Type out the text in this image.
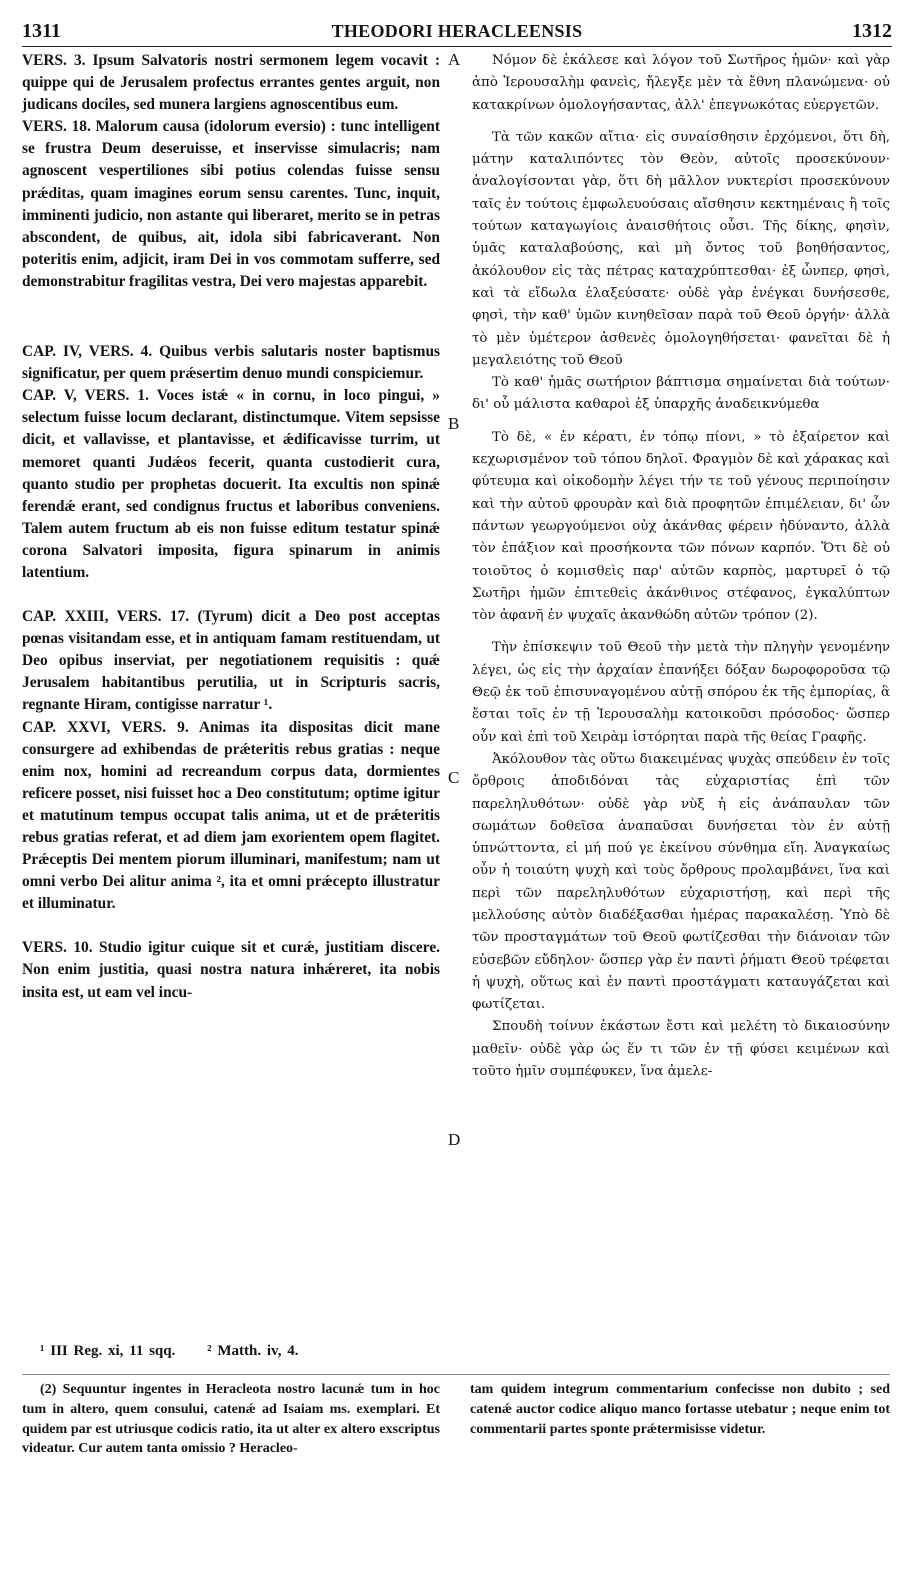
1311	THEODORI HERACLEENSIS	1312

VERS. 3. Ipsum Salvatoris nostri sermonem legem vocavit : quippe qui de Jerusalem profectus errantes gentes arguit, non judicans dociles, sed munera largiens agnoscentibus eum.

VERS. 18. Malorum causa (idolorum eversio) : tunc intelligent se frustra Deum deseruisse, et inservisse simulacris; nam agnoscent vespertiliones sibi potius colendas fuisse sensu prǽditas, quam imagines eorum sensu carentes. Tunc, inquit, imminenti judicio, non astante qui liberaret, merito se in petras abscondent, de quibus, ait, idola sibi fabricaverant. Non poteritis enim, adjicit, iram Dei in vos commotam sufferre, sed demonstrabitur fragilitas vestra, Dei vero majestas apparebit.

CAP. IV, VERS. 4. Quibus verbis salutaris noster baptismus significatur, per quem prǽsertim denuo mundi conspiciemur.

CAP. V, VERS. 1. Voces istǽ « in cornu, in loco pingui, » selectum fuisse locum declarant, distinctumque. Vitem sepsisse dicit, et vallavisse, et plantavisse, et ǽdificavisse turrim, ut memoret quanti Judǽos fecerit, quanta custodierit cura, quanto studio per prophetas docuerit. Ita excultis non spinǽ ferendǽ erant, sed condignus fructus et laboribus conveniens. Talem autem fructum ab eis non fuisse editum testatur spinǽ corona Salvatori imposita, figura spinarum in animis latentium.

CAP. XXIII, VERS. 17. (Tyrum) dicit a Deo post acceptas pœnas visitandam esse, et in antiquam famam restituendam, ut Deo opibus inserviat, per negotiationem requisitis : quǽ Jerusalem habitantibus perutilia, ut in Scripturis sacris, regnante Hiram, contigisse narratur ¹.

CAP. XXVI, VERS. 9. Animas ita dispositas dicit mane consurgere ad exhibendas de prǽteritis rebus gratias : neque enim nox, homini ad recreandum corpus data, dormientes reficere posset, nisi fuisset hoc a Deo constitutum; optime igitur et matutinum tempus occupat talis anima, ut et de prǽteritis rebus gratias referat, et ad diem jam exorientem opem flagitet. Prǽceptis Dei mentem piorum illuminari, manifestum; nam ut omni verbo Dei alitur anima ², ita et omni prǽcepto illustratur et illuminatur.

VERS. 10. Studio igitur cuique sit et curǽ, justitiam discere. Non enim justitia, quasi nostra natura inhǽreret, ita nobis insita est, ut eam vel incu-

A
B
C
D

Νόμον δὲ ἐκάλεσε καὶ λόγον τοῦ Σωτῆρος ἡμῶν· καὶ γὰρ ἀπὸ Ἱερουσαλὴμ φανεὶς, ἤλεγξε μὲν τὰ ἔθνη πλανώμενα· οὐ κατακρίνων ὁμολογήσαντας, ἀλλ' ἐπεγνωκότας εὐεργετῶν.

Τὰ τῶν κακῶν αἴτια· εἰς συναίσθησιν ἐρχόμενοι, ὅτι δὴ, μάτην καταλιπόντες τὸν Θεὸν, αὐτοῖς προσεκύνουν· ἀναλογίσονται γὰρ, ὅτι δὴ μᾶλλον νυκτερίσι προσεκύνουν ταῖς ἐν τούτοις ἐμφωλευούσαις αἴσθησιν κεκτημέναις ἢ τοῖς τούτων καταγωγίοις ἀναισθήτοις οὖσι. Τῆς δίκης, φησὶν, ὑμᾶς καταλαβούσης, καὶ μὴ ὄντος τοῦ βοηθήσαντος, ἀκόλουθον εἰς τὰς πέτρας καταχρύπτεσθαι· ἐξ ὧνπερ, φησὶ, καὶ τὰ εἴδωλα ἐλαξεύσατε· οὐδὲ γὰρ ἐνέγκαι δυνήσεσθε, φησὶ, τὴν καθ' ὑμῶν κινηθεῖσαν παρὰ τοῦ Θεοῦ ὀργήν· ἀλλὰ τὸ μὲν ὑμέτερον ἀσθενὲς ὁμολογηθήσεται· φανεῖται δὲ ἡ μεγαλειότης τοῦ Θεοῦ

Τὸ καθ' ἡμᾶς σωτήριον βάπτισμα σημαίνεται διὰ τούτων· δι' οὗ μάλιστα καθαροὶ ἐξ ὑπαρχῆς ἀναδεικνύμεθα

Τὸ δὲ, « ἐν κέρατι, ἐν τόπῳ πίονι, » τὸ ἐξαίρετον καὶ κεχωρισμένον τοῦ τόπου δηλοῖ. Φραγμὸν δὲ καὶ χάρακας καὶ φύτευμα καὶ οἰκοδομὴν λέγει τήν τε τοῦ γένους περιποίησιν καὶ τὴν αὐτοῦ φρουρὰν καὶ διὰ προφητῶν ἐπιμέλειαν, δι' ὧν πάντων γεωργούμενοι οὐχ ἀκάνθας φέρειν ἠδύναντο, ἀλλὰ τὸν ἐπάξιον καὶ προσήκοντα τῶν πόνων καρπόν. Ὅτι δὲ οὐ τοιοῦτος ὁ κομισθεὶς παρ' αὐτῶν καρπὸς, μαρτυρεῖ ὁ τῷ Σωτῆρι ἡμῶν ἐπιτεθεὶς ἀκάνθινος στέφανος, ἐγκαλύπτων τὸν ἀφανῆ ἐν ψυχαῖς ἀκανθώδη αὐτῶν τρόπον (2).

Τὴν ἐπίσκεψιν τοῦ Θεοῦ τὴν μετὰ τὴν πληγὴν γενομένην λέγει, ὡς εἰς τὴν ἀρχαίαν ἐπανήξει δόξαν δωροφοροῦσα τῷ Θεῷ ἐκ τοῦ ἐπισυναγομένου αὐτῇ σπόρου ἐκ τῆς ἐμπορίας, ἃ ἔσται τοῖς ἐν τῇ Ἱερουσαλὴμ κατοικοῦσι πρόσοδος· ὥσπερ οὖν καὶ ἐπὶ τοῦ Χειρὰμ ἱστόρηται παρὰ τῆς θείας Γραφῆς.

Ἀκόλουθον τὰς οὕτω διακειμένας ψυχὰς σπεύδειν ἐν τοῖς ὄρθροις ἀποδιδόναι τὰς εὐχαριστίας ἐπὶ τῶν παρεληλυθότων· οὐδὲ γὰρ νὺξ ἡ εἰς ἀνάπαυλαν τῶν σωμάτων δοθεῖσα ἀναπαῦσαι δυνήσεται τὸν ἐν αὐτῇ ὑπνώττοντα, εἰ μή πού γε ἐκείνου σύνθημα εἴη. Ἀναγκαίως οὖν ἡ τοιαύτη ψυχὴ καὶ τοὺς ὄρθρους προλαμβάνει, ἵνα καὶ περὶ τῶν παρεληλυθότων εὐχαριστήσῃ, καὶ περὶ τῆς μελλούσης αὐτὸν διαδέξασθαι ἡμέρας παρακαλέσῃ. Ὑπὸ δὲ τῶν προσταγμάτων τοῦ Θεοῦ φωτίζεσθαι τὴν διάνοιαν τῶν εὐσεβῶν εὔδηλον· ὥσπερ γὰρ ἐν παντὶ ῥήματι Θεοῦ τρέφεται ἡ ψυχὴ, οὕτως καὶ ἐν παντὶ προστάγματι καταυγάζεται καὶ φωτίζεται.

Σπουδὴ τοίνυν ἑκάστων ἔστι καὶ μελέτη τὸ δικαιοσύνην μαθεῖν· οὐδὲ γὰρ ὡς ἕν τι τῶν ἐν τῇ φύσει κειμένων καὶ τοῦτο ἡμῖν συμπέφυκεν, ἵνα ἀμελε-

¹ III Reg. xi, 11 sqq. ² Matth. iv, 4.

(2) Sequuntur ingentes in Heracleota nostro lacunǽ tum in hoc tum in altero, quem consului, catenǽ ad Isaiam ms. exemplari. Et quidem par est utriusque codicis ratio, ita ut alter ex altero exscriptus videatur. Cur autem tanta omissio ? Heracleo-

tam quidem integrum commentarium confecisse non dubito ; sed catenǽ auctor codice aliquo manco fortasse utebatur ; neque enim tot commentarii partes sponte prǽtermisisse videtur.
